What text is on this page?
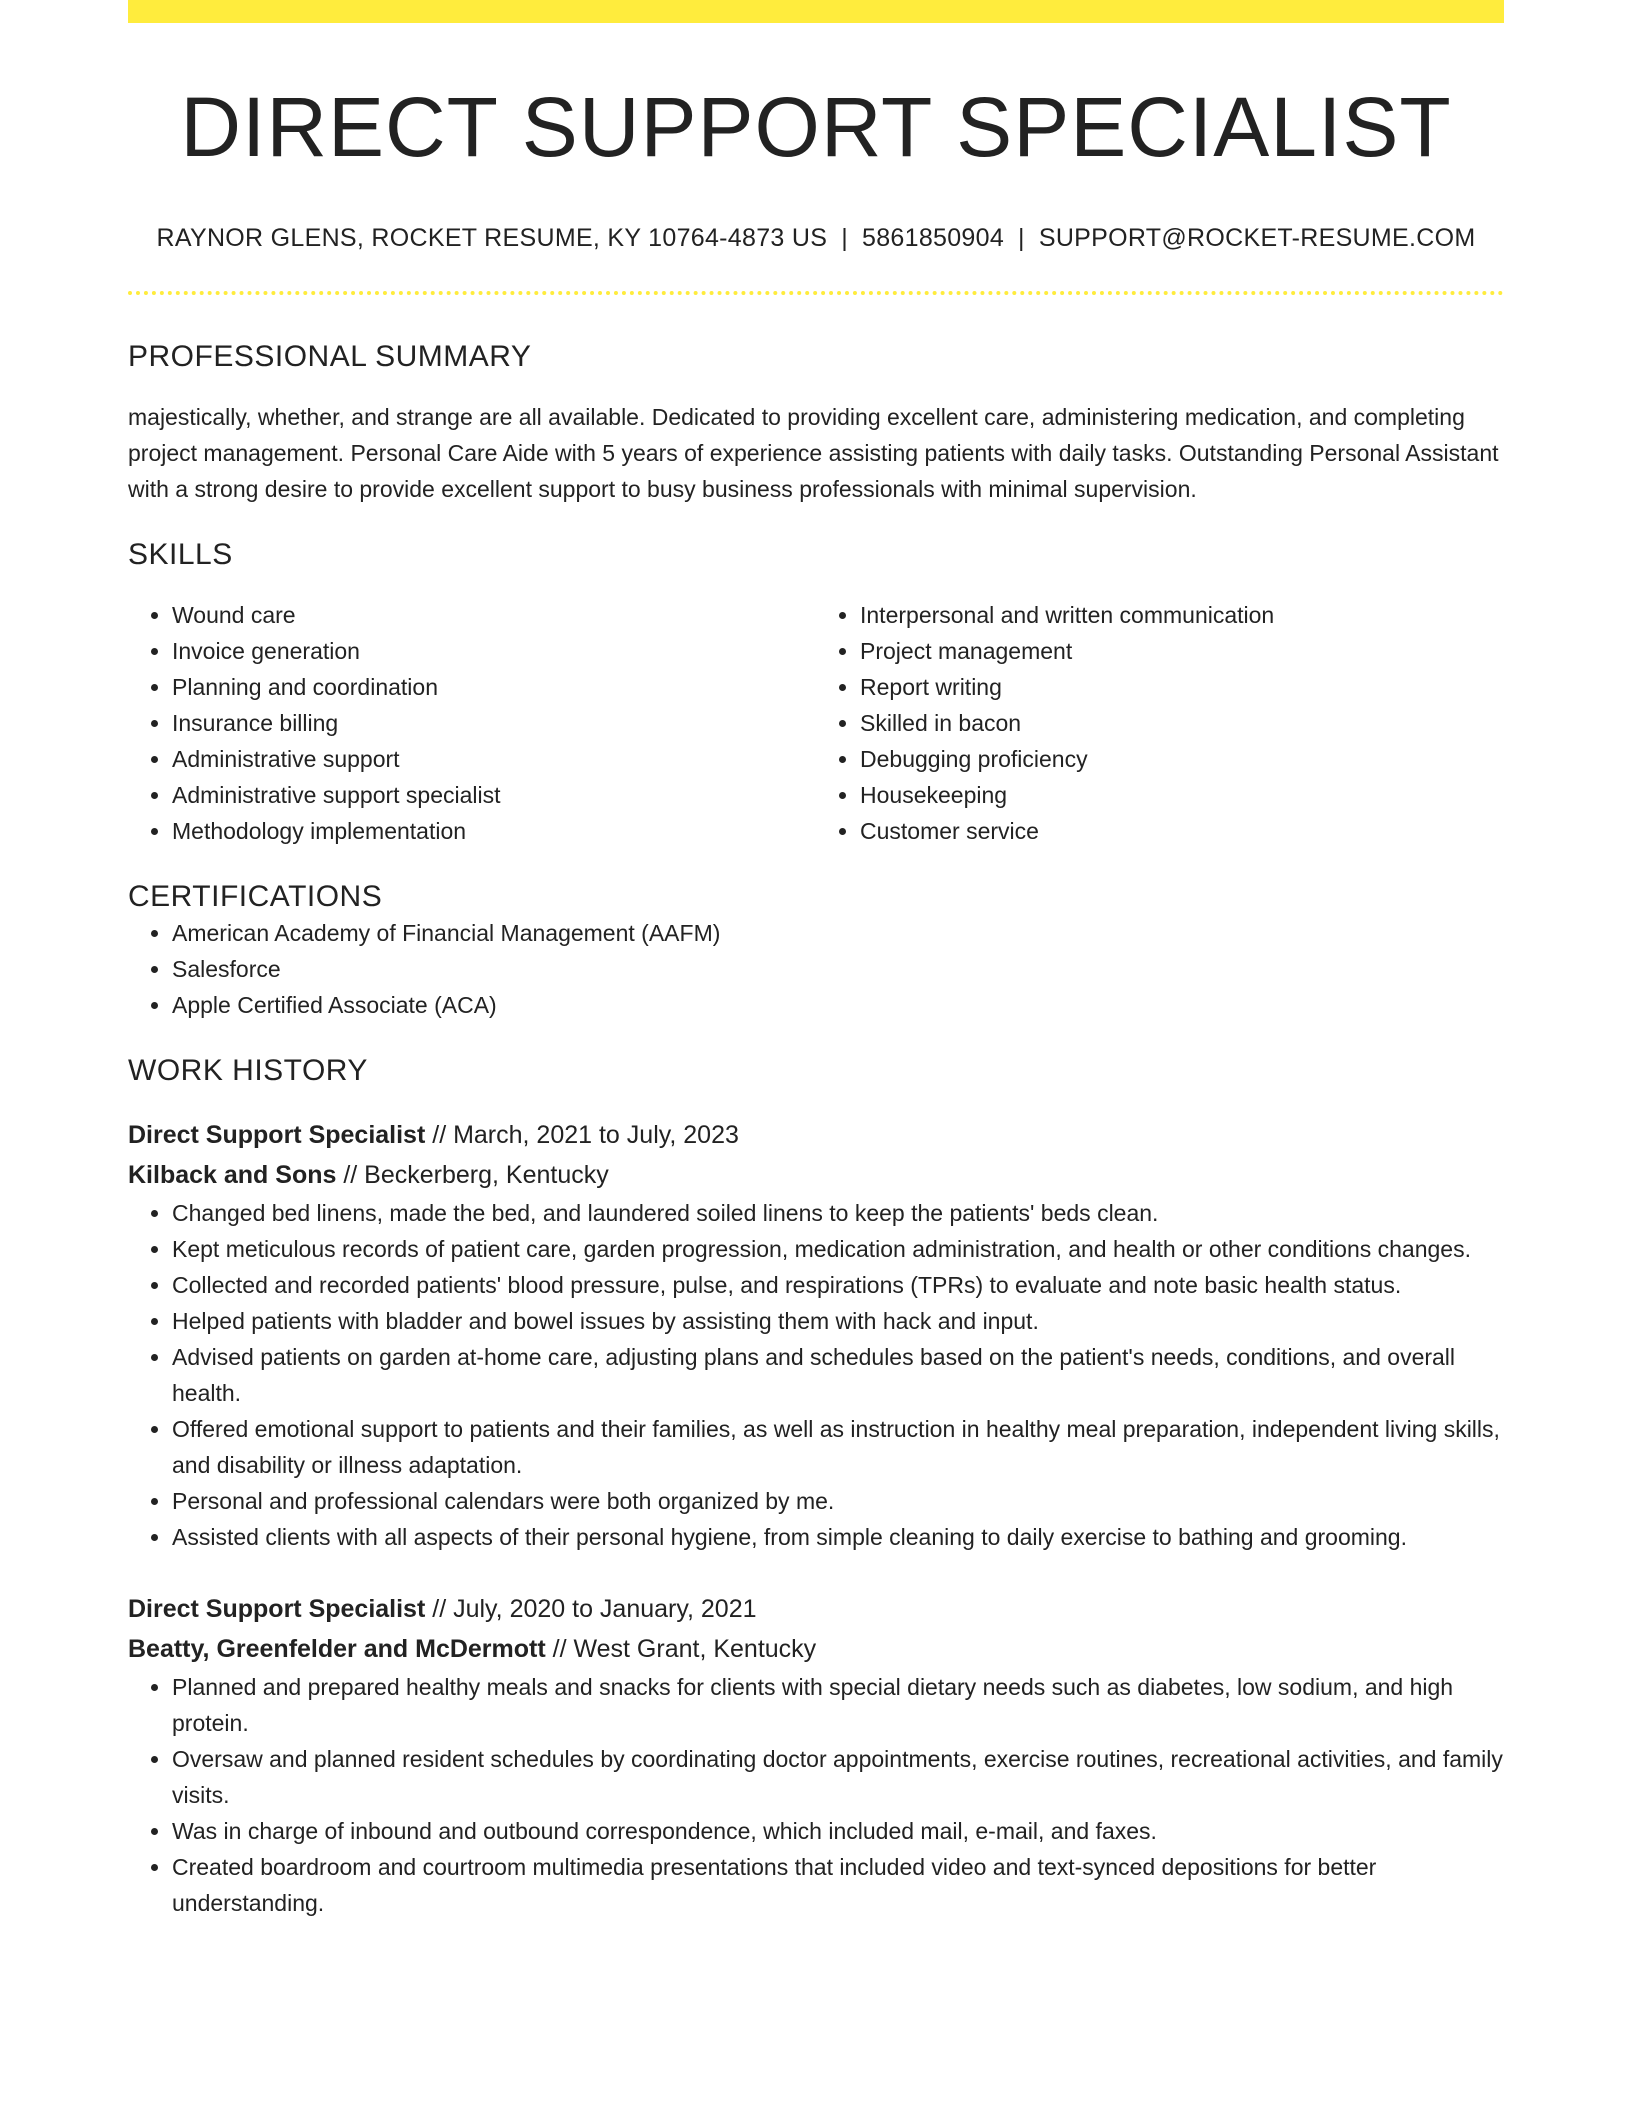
DIRECT SUPPORT SPECIALIST
RAYNOR GLENS, ROCKET RESUME, KY 10764-4873 US | 5861850904 | SUPPORT@ROCKET-RESUME.COM
PROFESSIONAL SUMMARY

majestically, whether, and strange are all available. Dedicated to providing excellent care, administering medication, and completing project management. Personal Care Aide with 5 years of experience assisting patients with daily tasks. Outstanding Personal Assistant with a strong desire to provide excellent support to busy business professionals with minimal supervision.

SKILLS
• Wound care
• Invoice generation
• Planning and coordination
• Insurance billing
• Administrative support
• Administrative support specialist
• Methodology implementation
• Interpersonal and written communication
• Project management
• Report writing
• Skilled in bacon
• Debugging proficiency
• Housekeeping
• Customer service
CERTIFICATIONS
• American Academy of Financial Management (AAFM)
• Salesforce
• Apple Certified Associate (ACA)
WORK HISTORY
Direct Support Specialist // March, 2021 to July, 2023
Kilback and Sons // Beckerberg, Kentucky
• Changed bed linens, made the bed, and laundered soiled linens to keep the patients' beds clean.
• Kept meticulous records of patient care, garden progression, medication administration, and health or other conditions changes.
• Collected and recorded patients' blood pressure, pulse, and respirations (TPRs) to evaluate and note basic health status.
• Helped patients with bladder and bowel issues by assisting them with hack and input.
• Advised patients on garden at-home care, adjusting plans and schedules based on the patient's needs, conditions, and overall health.
• Offered emotional support to patients and their families, as well as instruction in healthy meal preparation, independent living skills, and disability or illness adaptation.
• Personal and professional calendars were both organized by me.
• Assisted clients with all aspects of their personal hygiene, from simple cleaning to daily exercise to bathing and grooming.
Direct Support Specialist // July, 2020 to January, 2021
Beatty, Greenfelder and McDermott // West Grant, Kentucky
• Planned and prepared healthy meals and snacks for clients with special dietary needs such as diabetes, low sodium, and high protein.
• Oversaw and planned resident schedules by coordinating doctor appointments, exercise routines, recreational activities, and family visits.
• Was in charge of inbound and outbound correspondence, which included mail, e-mail, and faxes.
• Created boardroom and courtroom multimedia presentations that included video and text-synced depositions for better understanding.
